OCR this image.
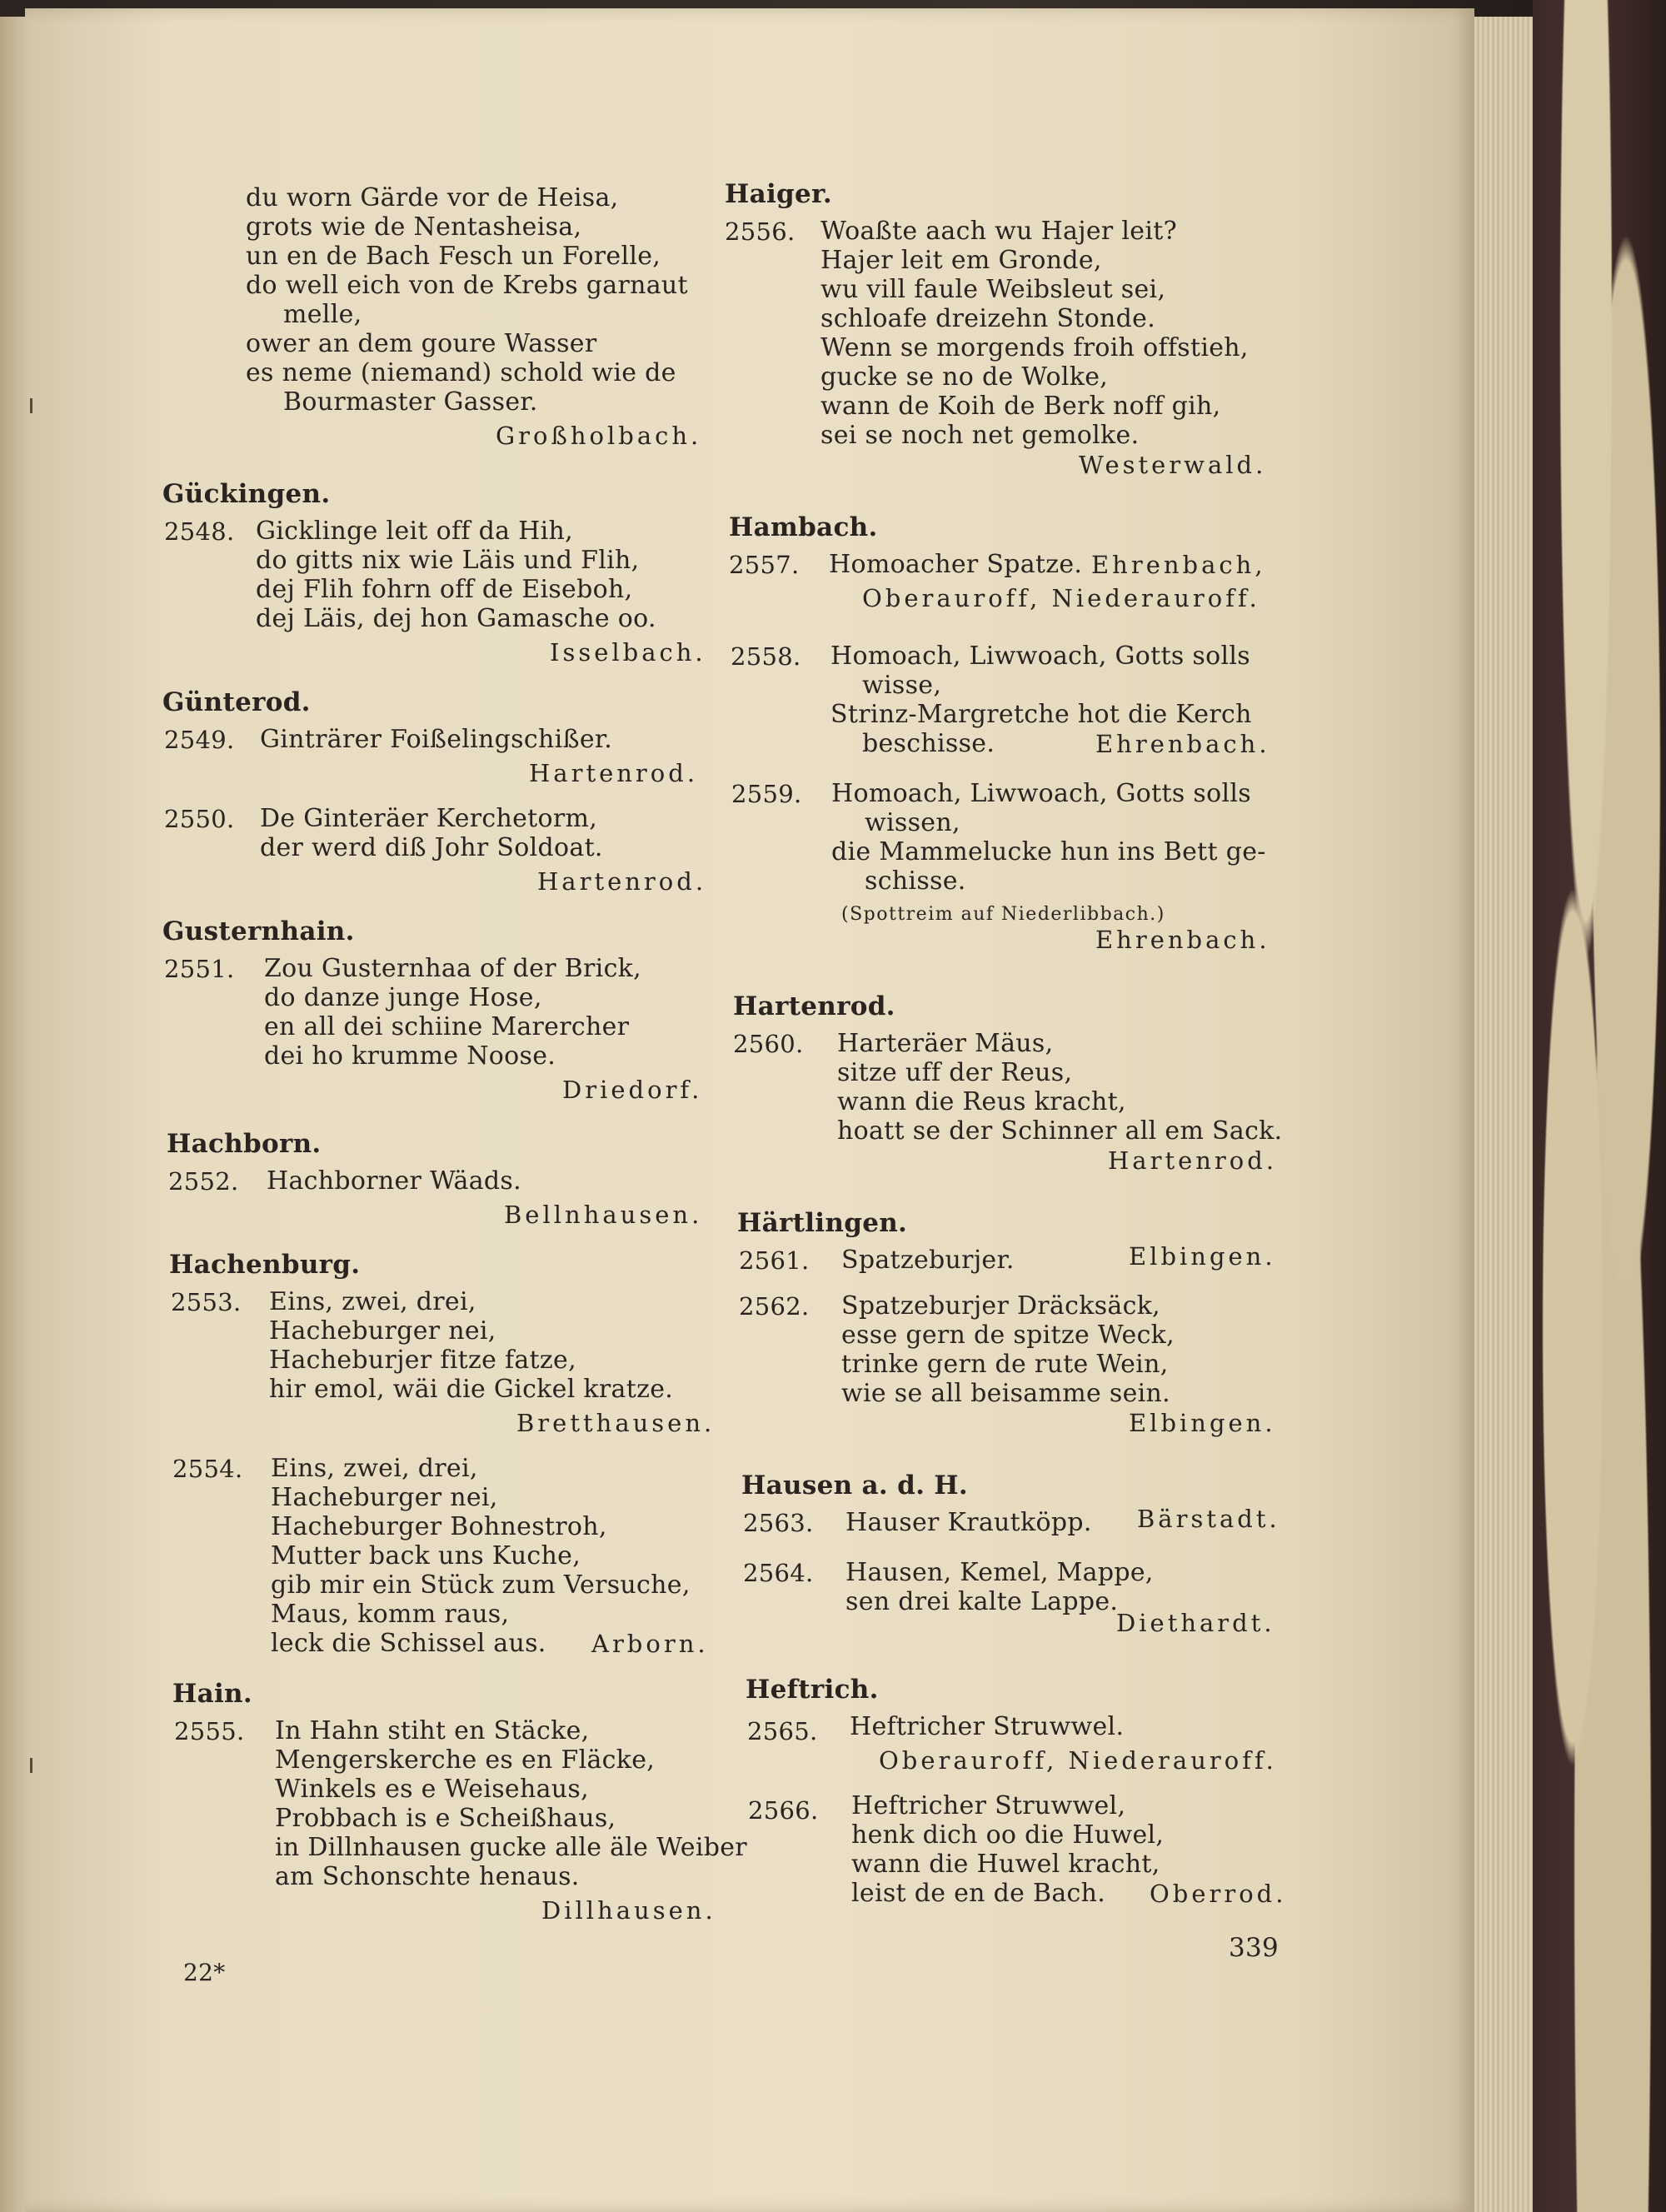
du worn Gärde vor de Heisa,
grots wie de Nentasheisa,
un en de Bach Fesch un Forelle,
do well eich von de Krebs garnaut
melle,
ower an dem goure Wasser
es neme (niemand) schold wie de
Bourmaster Gasser.
Großholbach.
Gückingen.
2548. Gicklinge leit off da Hih,
do gitts nix wie Läis und Flih,
dej Flih fohrn off de Eiseboh,
dej Läis, dej hon Gamasche oo.
Isselbach.
Günterod.
2549. Ginträrer Foißelingschißer.
Hartenrod.
2550. De Ginteräer Kerchetorm,
der werd diß Johr Soldoat.
Hartenrod.
Gusternhain.
2551. Zou Gusternhaa of der Brick,
do danze junge Hose,
en all dei schiine Marercher
dei ho krumme Noose.
Driedorf.
Hachborn.
2552. Hachborner Wäads.
Bellnhausen.
Hachenburg.
2553. Eins, zwei, drei,
Hacheburger nei,
Hacheburjer fitze fatze,
hir emol, wäi die Gickel kratze.
Bretthausen.
2554. Eins, zwei, drei,
Hacheburger nei,
Hacheburger Bohnestroh,
Mutter back uns Kuche,
gib mir ein Stück zum Versuche,
Maus, komm raus,
leck die Schissel aus. Arborn.
Hain.
2555. In Hahn stiht en Stäcke,
Mengerskerche es en Fläcke,
Winkels es e Weisehaus,
Probbach is e Scheißhaus,
in Dillnhausen gucke alle äle Weiber
am Schonschte henaus.
Dillhausen.
22*
Haiger.
2556. Woaßte aach wu Hajer leit?
Hajer leit em Gronde,
wu vill faule Weibsleut sei,
schloafe dreizehn Stonde.
Wenn se morgends froih offstieh,
gucke se no de Wolke,
wann de Koih de Berk noff gih,
sei se noch net gemolke.
Westerwald.
Hambach.
2557. Homoacher Spatze. Ehrenbach,
Oberauroff, Niederauroff.
2558. Homoach, Liwwoach, Gotts solls
wisse,
Strinz-Margretche hot die Kerch
beschisse.	Ehrenbach.
2559. Homoach, Liwwoach, Gotts solls
wissen,
die Mammelucke hun ins Bett ge-
schisse.
(Spottreim auf Niederlibbach.)
Ehrenbach.
Hartenrod.
2560. Harteräer Mäus,
sitze uff der Reus,
wann die Reus kracht,
hoatt se der Schinner all em Sack.
Hartenrod.
Härtlingen.
2561. Spatzeburjer.	Elbingen.
2562. Spatzeburjer Dräcksäck,
esse gern de spitze Weck,
trinke gern de rute Wein,
wie se all beisamme sein.
Elbingen.
Hausen a. d. H.
2563. Hauser Krautköpp. Bärstadt.
2564. Hausen, Kemel, Mappe,
sen drei kalte Lappe.
Diethardt.
Heftrich.
2565. Heftricher Struwwel.
Oberauroff, Niederauroff.
2566. Heftricher Struwwel,
henk dich oo die Huwel,
wann die Huwel kracht,
leist de en de Bach. Oberrod.
339
